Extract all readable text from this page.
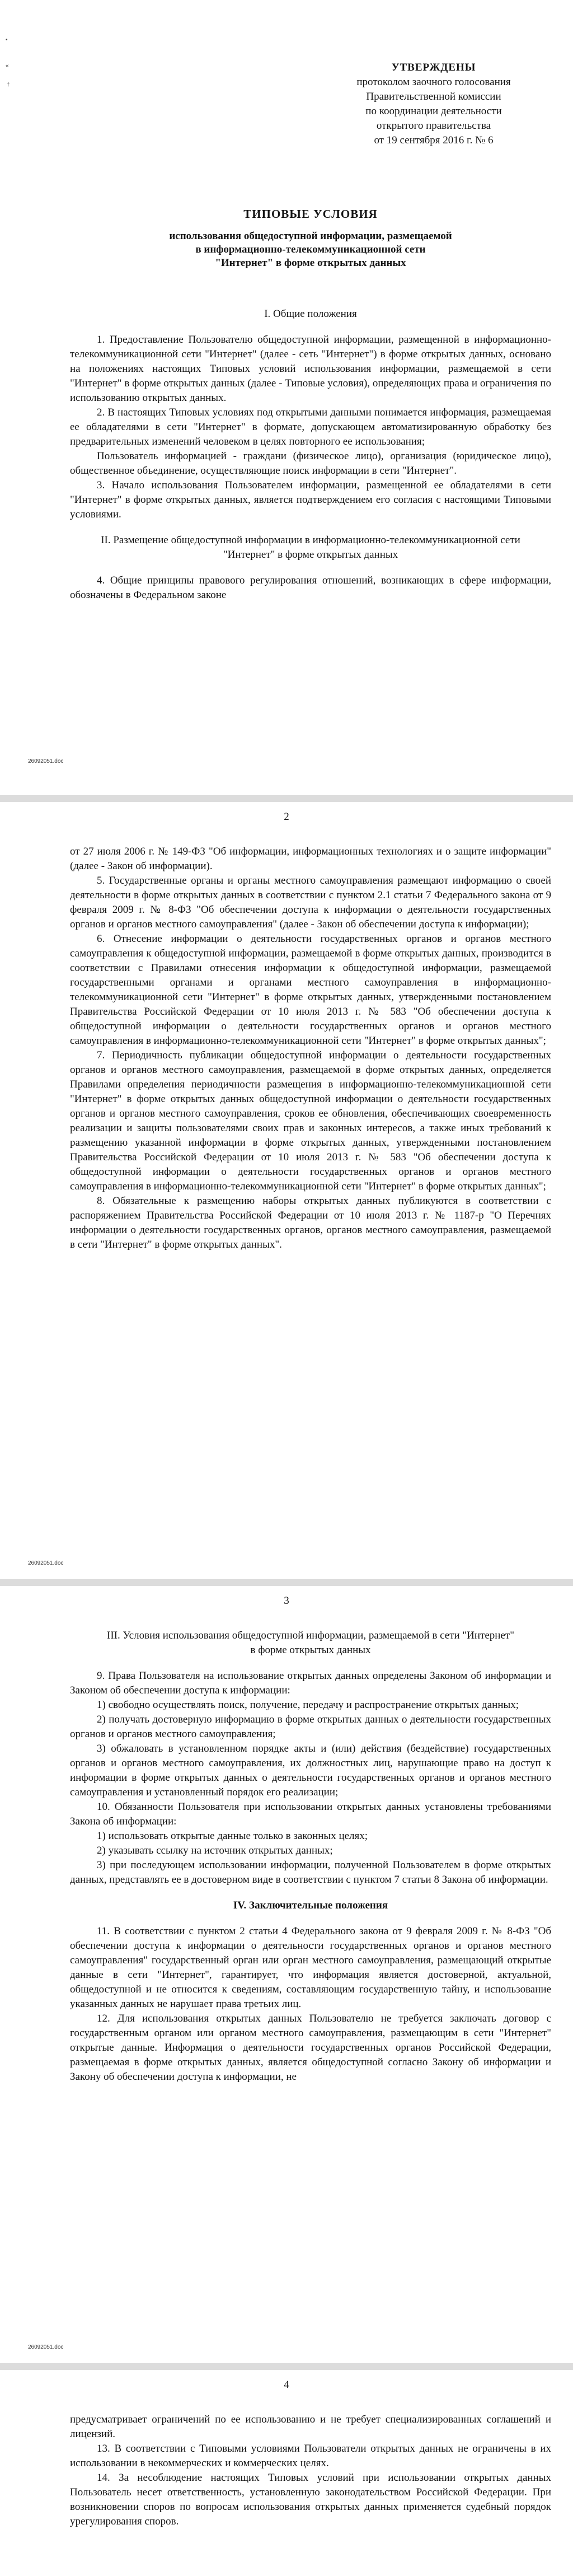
•
«
†
УТВЕРЖДЕНЫ
протоколом заочного голосования
Правительственной комиссии
по координации деятельности
открытого правительства
от 19 сентября 2016 г. № 6
ТИПОВЫЕ УСЛОВИЯ
использования общедоступной информации, размещаемой
в информационно-телекоммуникационной сети
"Интернет" в форме открытых данных
I. Общие положения

1. Предоставление Пользователю общедоступной информации, размещенной в информационно-телекоммуникационной сети "Интернет" (далее - сеть "Интернет") в форме открытых данных, основано на положениях настоящих Типовых условий использования информации, размещаемой в сети "Интернет" в форме открытых данных (далее - Типовые условия), определяющих права и ограничения по использованию открытых данных.

2. В настоящих Типовых условиях под открытыми данными понимается информация, размещаемая ее обладателями в сети "Интернет" в формате, допускающем автоматизированную обработку без предварительных изменений человеком в целях повторного ее использования;

Пользователь информацией - граждани (физическое лицо), организация (юридическое лицо), общественное объединение, осуществляющие поиск информации в сети "Интернет".

3. Начало использования Пользователем информации, размещенной ее обладателями в сети "Интернет" в форме открытых данных, является подтверждением его согласия с настоящими Типовыми условиями.

II. Размещение общедоступной информации в информационно-телекоммуникационной сети "Интернет" в форме открытых данных

4. Общие принципы правового регулирования отношений, возникающих в сфере информации, обозначены в Федеральном законе

26092051.doc
2

от 27 июля 2006 г. № 149-ФЗ "Об информации, информационных технологиях и о защите информации" (далее - Закон об информации).

5. Государственные органы и органы местного самоуправления размещают информацию о своей деятельности в форме открытых данных в соответствии с пунктом 2.1 статьи 7 Федерального закона от 9 февраля 2009 г. № 8-ФЗ "Об обеспечении доступа к информации о деятельности государственных органов и органов местного самоуправления" (далее - Закон об обеспечении доступа к информации);

6. Отнесение информации о деятельности государственных органов и органов местного самоуправления к общедоступной информации, размещаемой в форме открытых данных, производится в соответствии с Правилами отнесения информации к общедоступной информации, размещаемой государственными органами и органами местного самоуправления в информационно-телекоммуникационной сети "Интернет" в форме открытых данных, утвержденными постановлением Правительства Российской Федерации от 10 июля 2013 г. № 583 "Об обеспечении доступа к общедоступной информации о деятельности государственных органов и органов местного самоуправления в информационно-телекоммуникационной сети "Интернет" в форме открытых данных";

7. Периодичность публикации общедоступной информации о деятельности государственных органов и органов местного самоуправления, размещаемой в форме открытых данных, определяется Правилами определения периодичности размещения в информационно-телекоммуникационной сети "Интернет" в форме открытых данных общедоступной информации о деятельности государственных органов и органов местного самоуправления, сроков ее обновления, обеспечивающих своевременность реализации и защиты пользователями своих прав и законных интересов, а также иных требований к размещению указанной информации в форме открытых данных, утвержденными постановлением Правительства Российской Федерации от 10 июля 2013 г. № 583 "Об обеспечении доступа к общедоступной информации о деятельности государственных органов и органов местного самоуправления в информационно-телекоммуникационной сети "Интернет" в форме открытых данных";

8. Обязательные к размещению наборы открытых данных публикуются в соответствии с распоряжением Правительства Российской Федерации от 10 июля 2013 г. № 1187-р "О Перечнях информации о деятельности государственных органов, органов местного самоуправления, размещаемой в сети "Интернет" в форме открытых данных".

26092051.doc
3
III. Условия использования общедоступной информации, размещаемой в сети "Интернет" в форме открытых данных

9. Права Пользователя на использование открытых данных определены Законом об информации и Законом об обеспечении доступа к информации:

1) свободно осуществлять поиск, получение, передачу и распространение открытых данных;

2) получать достоверную информацию в форме открытых данных о деятельности государственных органов и органов местного самоуправления;

3) обжаловать в установленном порядке акты и (или) действия (бездействие) государственных органов и органов местного самоуправления, их должностных лиц, нарушающие право на доступ к информации в форме открытых данных о деятельности государственных органов и органов местного самоуправления и установленный порядок его реализации;

10. Обязанности Пользователя при использовании открытых данных установлены требованиями Закона об информации:

1) использовать открытые данные только в законных целях;

2) указывать ссылку на источник открытых данных;

3) при последующем использовании информации, полученной Пользователем в форме открытых данных, представлять ее в достоверном виде в соответствии с пунктом 7 статьи 8 Закона об информации.

IV. Заключительные положения

11. В соответствии с пунктом 2 статьи 4 Федерального закона от 9 февраля 2009 г. № 8-ФЗ "Об обеспечении доступа к информации о деятельности государственных органов и органов местного самоуправления" государственный орган или орган местного самоуправления, размещающий открытые данные в сети "Интернет", гарантирует, что информация является достоверной, актуальной, общедоступной и не относится к сведениям, составляющим государственную тайну, и использование указанных данных не нарушает права третьих лиц.

12. Для использования открытых данных Пользователю не требуется заключать договор с государственным органом или органом местного самоуправления, размещающим в сети "Интернет" открытые данные. Информация о деятельности государственных органов Российской Федерации, размещаемая в форме открытых данных, является общедоступной согласно Закону об информации и Закону об обеспечении доступа к информации, не

26092051.doc
4

предусматривает ограничений по ее использованию и не требует специализированных соглашений и лицензий.

13. В соответствии с Типовыми условиями Пользователи открытых данных не ограничены в их использовании в некоммерческих и коммерческих целях.

14. За несоблюдение настоящих Типовых условий при использовании открытых данных Пользователь несет ответственность, установленную законодательством Российской Федерации. При возникновении споров по вопросам использования открытых данных применяется судебный порядок урегулирования споров.
